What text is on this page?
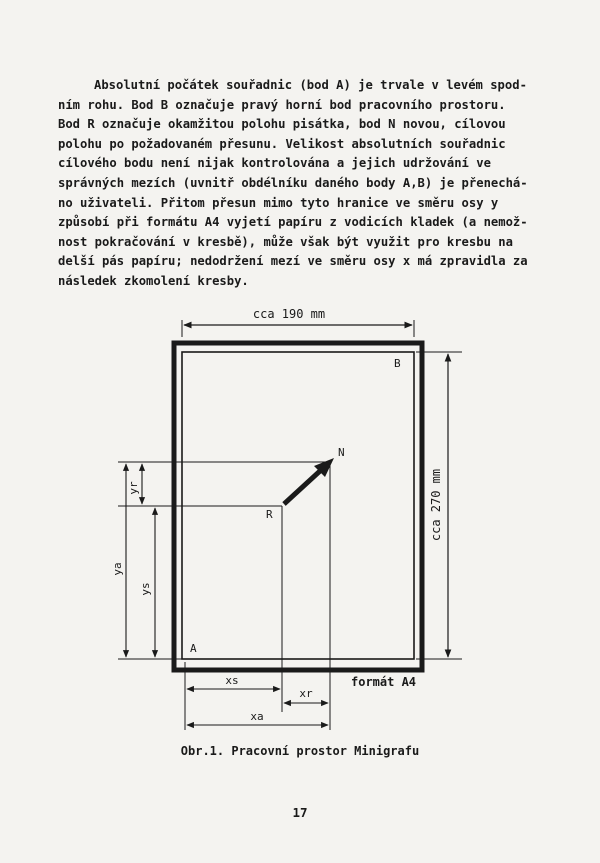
Absolutní počátek souřadnic (bod A) je trvale v levém spod-
ním rohu. Bod B označuje pravý horní bod pracovního prostoru.
Bod R označuje okamžitou polohu pisátka, bod N novou, cílovou
polohu po požadovaném přesunu. Velikost absolutních souřadnic
cílového bodu není nijak kontrolována a jejich udržování ve
správných mezích (uvnitř obdélníku daného body A,B) je přenechá-
no uživateli. Přitom přesun mimo tyto hranice ve směru osy y
způsobí při formátu A4 vyjetí papíru z vodicích kladek (a nemož-
nost pokračování v kresbě), může však být využit pro kresbu na
delší pás papíru; nedodržení mezí ve směru osy x má zpravidla za
následek zkomolení kresby.
cca 190 mm
cca 270 mm
B
A
N
R
yr
ys
ya
xs
xr
xa
formát A4
Obr.1. Pracovní prostor Minigrafu
17
